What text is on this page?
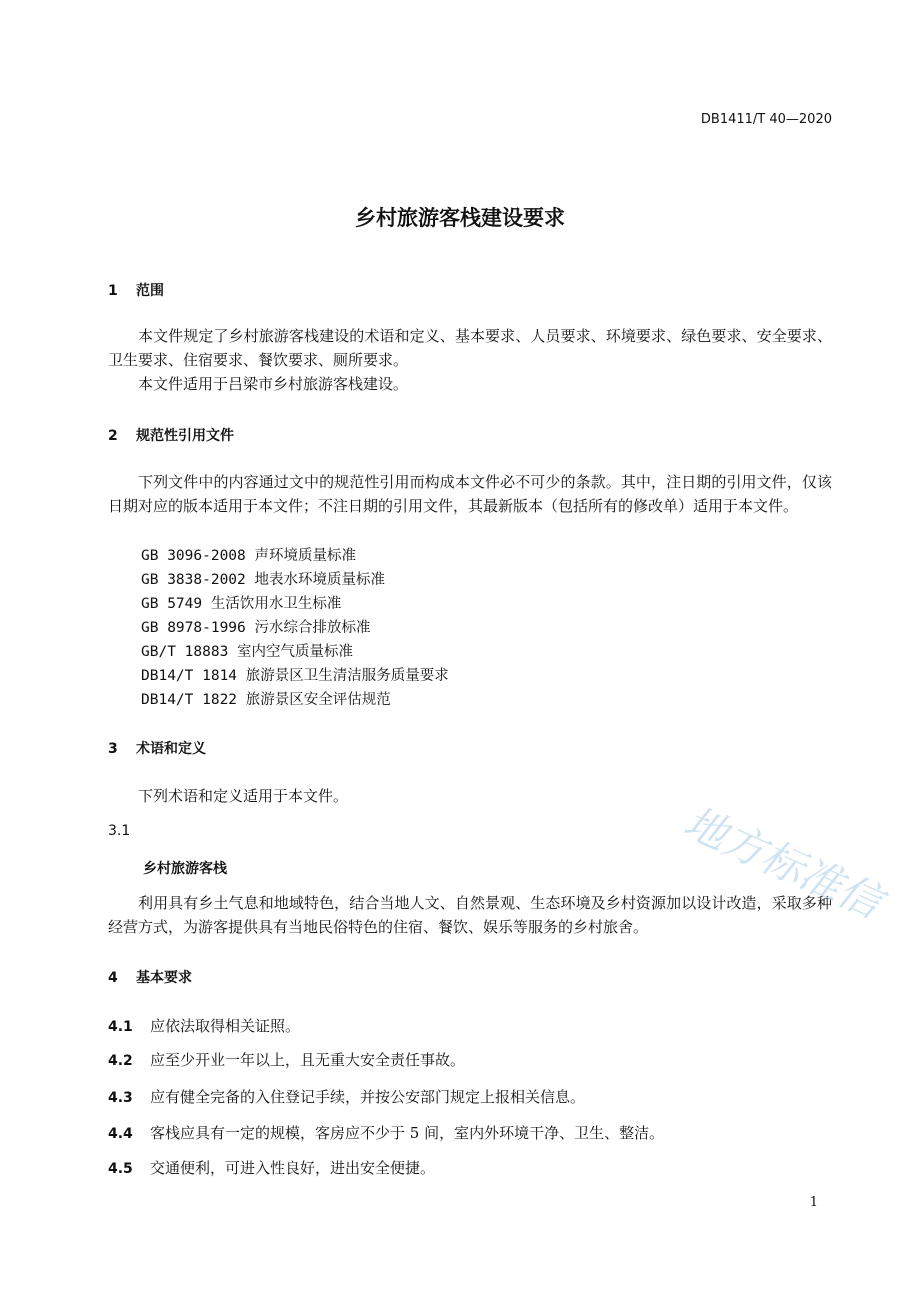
DB1411/T 40—2020
乡村旅游客栈建设要求
1 范围
本文件规定了乡村旅游客栈建设的术语和定义、基本要求、人员要求、环境要求、绿色要求、安全要求、卫生要求、住宿要求、餐饮要求、厕所要求。
本文件适用于吕梁市乡村旅游客栈建设。
2 规范性引用文件
下列文件中的内容通过文中的规范性引用而构成本文件必不可少的条款。其中，注日期的引用文件，仅该日期对应的版本适用于本文件；不注日期的引用文件，其最新版本（包括所有的修改单）适用于本文件。
GB 3096-2008 声环境质量标准
GB 3838-2002 地表水环境质量标准
GB 5749 生活饮用水卫生标准
GB 8978-1996 污水综合排放标准
GB/T 18883 室内空气质量标准
DB14/T 1814 旅游景区卫生清洁服务质量要求
DB14/T 1822 旅游景区安全评估规范
3 术语和定义
下列术语和定义适用于本文件。
3.1
乡村旅游客栈
利用具有乡土气息和地域特色，结合当地人文、自然景观、生态环境及乡村资源加以设计改造，采取多种经营方式，为游客提供具有当地民俗特色的住宿、餐饮、娱乐等服务的乡村旅舍。
4 基本要求
4.1 应依法取得相关证照。
4.2 应至少开业一年以上，且无重大安全责任事故。
4.3 应有健全完备的入住登记手续，并按公安部门规定上报相关信息。
4.4 客栈应具有一定的规模，客房应不少于 5 间，室内外环境干净、卫生、整洁。
4.5 交通便利，可进入性良好，进出安全便捷。
1
地方标准信
